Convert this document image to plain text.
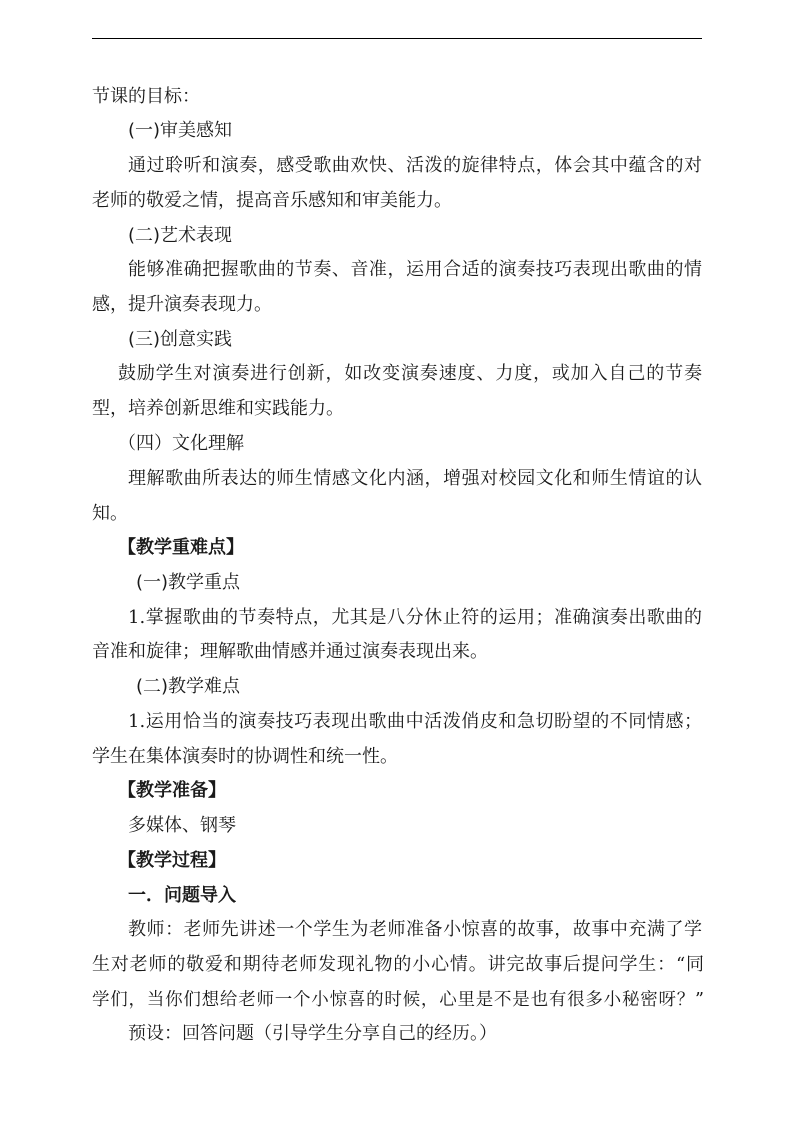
节课的目标：

(一)审美感知

通过聆听和演奏，感受歌曲欢快、活泼的旋律特点，体会其中蕴含的对

老师的敬爱之情，提高音乐感知和审美能力。

(二)艺术表现

能够准确把握歌曲的节奏、音准，运用合适的演奏技巧表现出歌曲的情

感，提升演奏表现力。

(三)创意实践

鼓励学生对演奏进行创新，如改变演奏速度、力度，或加入自己的节奏

型，培养创新思维和实践能力。

（四）文化理解

理解歌曲所表达的师生情感文化内涵，增强对校园文化和师生情谊的认

知。

【教学重难点】

(一)教学重点

1.掌握歌曲的节奏特点，尤其是八分休止符的运用；准确演奏出歌曲的

音准和旋律；理解歌曲情感并通过演奏表现出来。

(二)教学难点

1.运用恰当的演奏技巧表现出歌曲中活泼俏皮和急切盼望的不同情感；

学生在集体演奏时的协调性和统一性。

【教学准备】

多媒体、钢琴

【教学过程】

一．问题导入

教师：老师先讲述一个学生为老师准备小惊喜的故事，故事中充满了学

生对老师的敬爱和期待老师发现礼物的小心情。讲完故事后提问学生：“同

学们，当你们想给老师一个小惊喜的时候，心里是不是也有很多小秘密呀？”

预设：回答问题（引导学生分享自己的经历。）
